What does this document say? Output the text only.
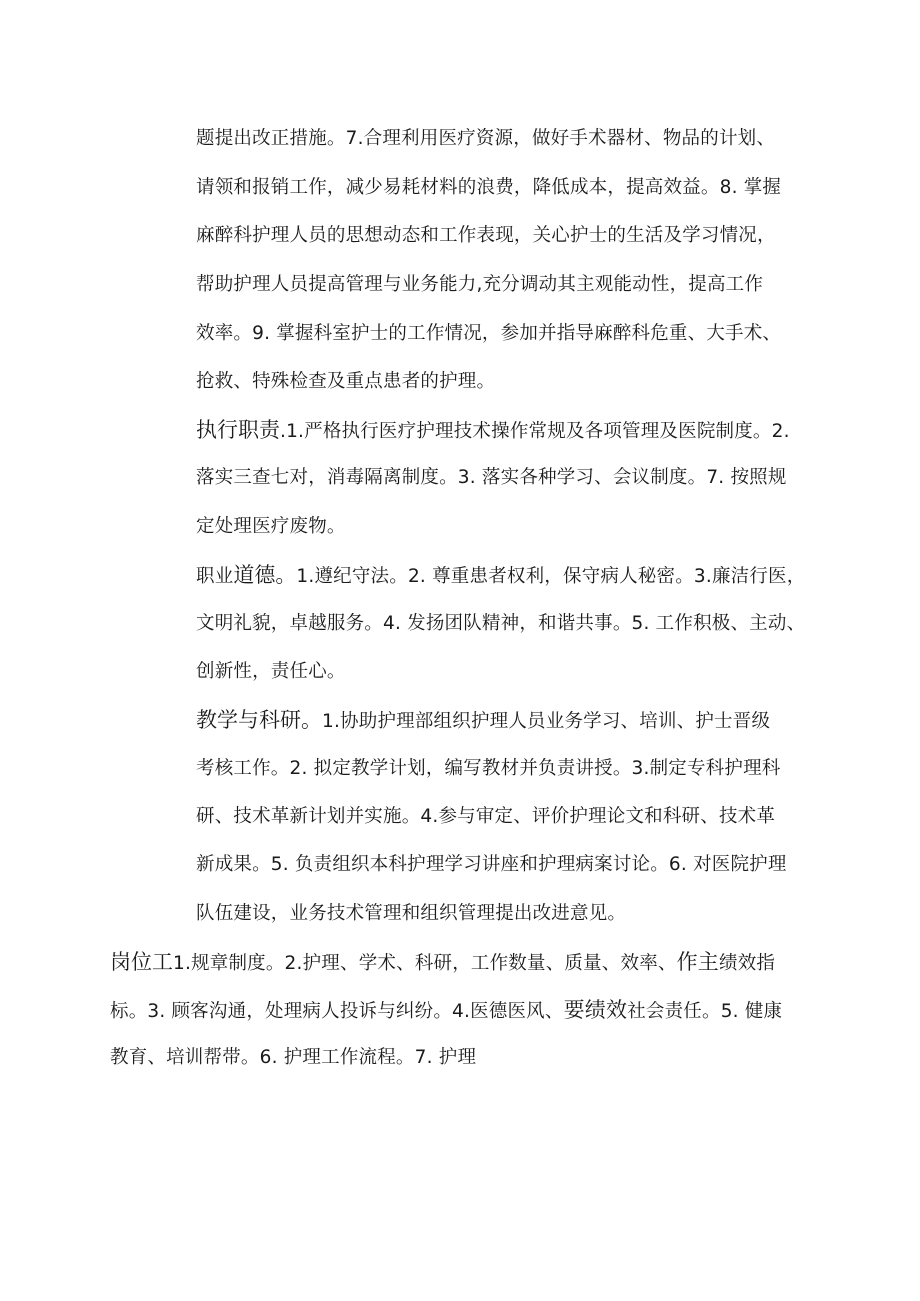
题提出改正措施。7.合理利用医疗资源，做好手术器材、物品的计划、
请领和报销工作，减少易耗材料的浪费，降低成本，提高效益。8. 掌握
麻醉科护理人员的思想动态和工作表现，关心护士的生活及学习情况，
帮助护理人员提高管理与业务能力,充分调动其主观能动性，提高工作
效率。9. 掌握科室护士的工作情况，参加并指导麻醉科危重、大手术、
抢救、特殊检查及重点患者的护理。
执行职责.1.严格执行医疗护理技术操作常规及各项管理及医院制度。2.
落实三查七对，消毒隔离制度。3. 落实各种学习、会议制度。7. 按照规
定处理医疗废物。
职业道德。1.遵纪守法。2. 尊重患者权利，保守病人秘密。3.廉洁行医，
文明礼貌，卓越服务。4. 发扬团队精神，和谐共事。5. 工作积极、主动、
创新性，责任心。
教学与科研。1.协助护理部组织护理人员业务学习、培训、护士晋级
考核工作。2. 拟定教学计划，编写教材并负责讲授。3.制定专科护理科
研、技术革新计划并实施。4.参与审定、评价护理论文和科研、技术革
新成果。5. 负责组织本科护理学习讲座和护理病案讨论。6. 对医院护理
队伍建设，业务技术管理和组织管理提出改进意见。
岗位工1.规章制度。2.护理、学术、科研，工作数量、质量、效率、作主绩效指
标。3. 顾客沟通，处理病人投诉与纠纷。4.医德医风、要绩效社会责任。5. 健康
教育、培训帮带。6. 护理工作流程。7. 护理
